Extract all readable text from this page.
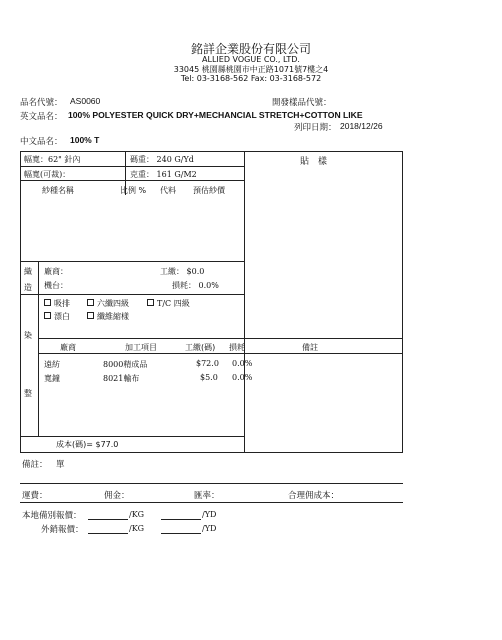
銘詳企業股份有限公司
ALLIED VOGUE CO., LTD.
33045 桃園縣桃園市中正路1071號7樓之4
Tel: 03-3168-562 Fax: 03-3168-572
品名代號： AS0060	開發樣品代號：
英文品名： 100% POLYESTER QUICK DRY+MECHANCIAL STRETCH+COTTON LIKE
列印日期： 2018/12/26
中文品名： 100% T
幅寬：62" 針內	碼重： 240 G/Yd	貼　樣
幅寬(可裁)：	克重： 161 G/M2
紗種名稱	比例 % 代料 預估紗價
織
造
廠商：
機台：
工繳： $0.0
損耗： 0.0%
染
整
吸排	六纖四級	T/C 四級
漂白	纖維縮樣
廠商	加工項目	工繳(碼) 損耗	備註
遠紡	8000精成品	$72.0 0.0%
寬鐘	8021輸布	$5.0 0.0%
成本(碼)= $77.0
備註： 單
運費：	佣金：	匯率：	合理佣成本：
本地備別報價：	/KG	/YD
外銷報價：	/KG	/YD
